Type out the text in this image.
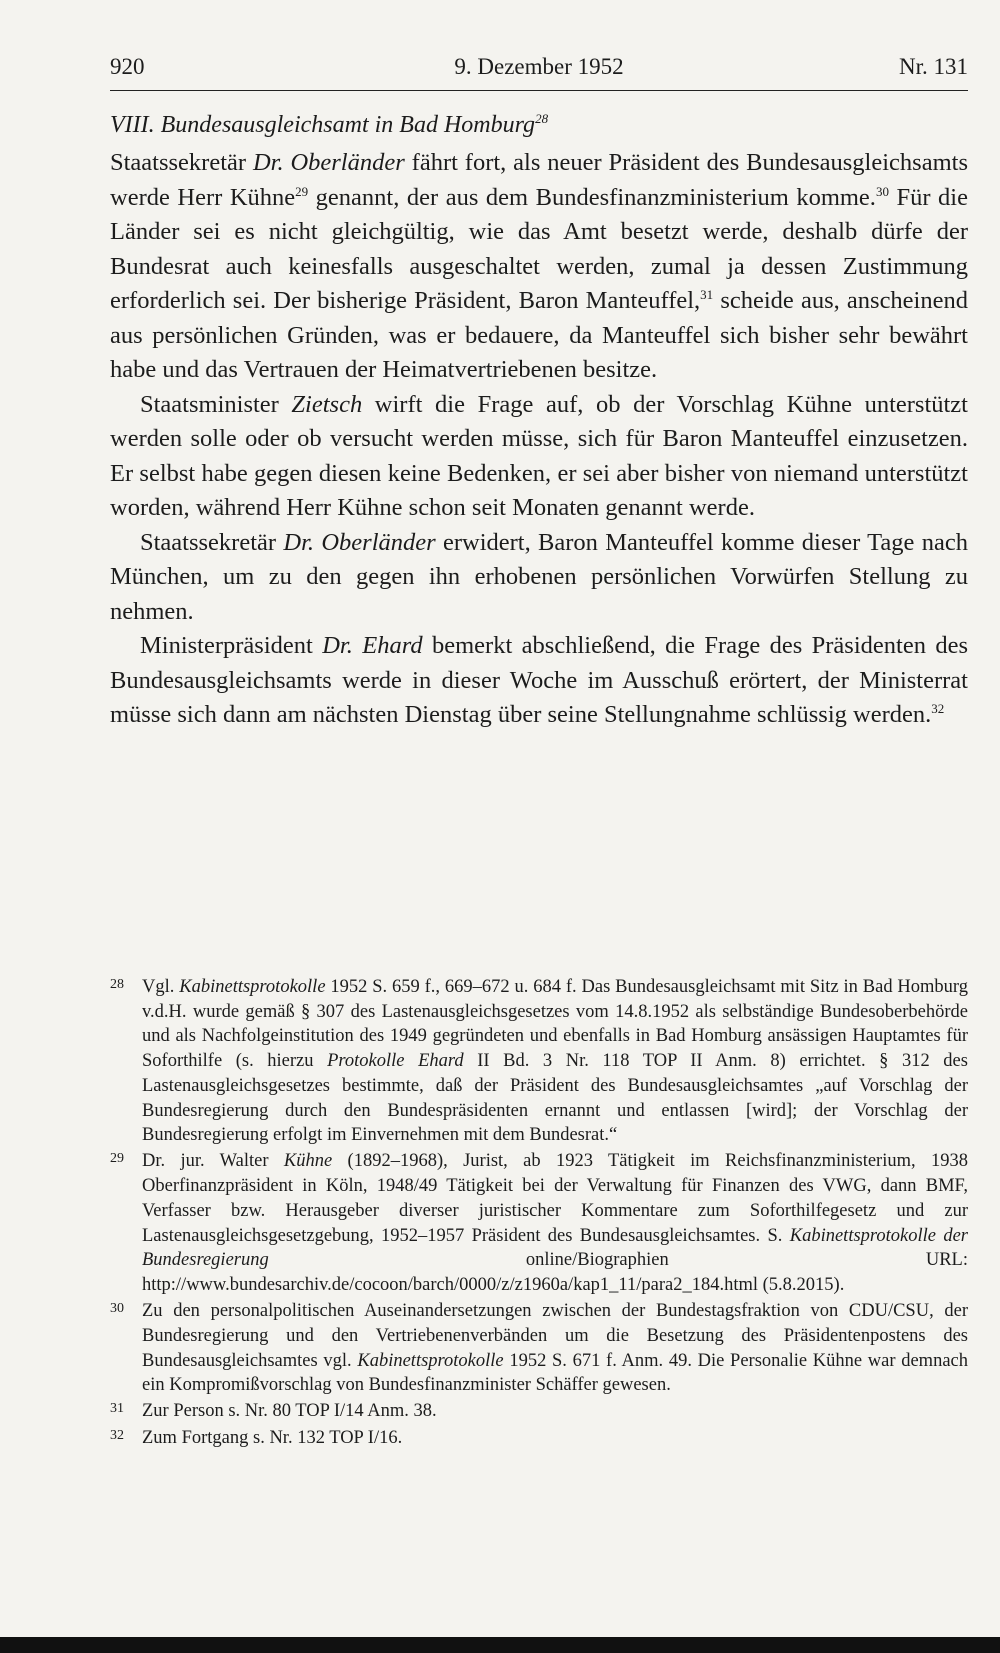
920	9. Dezember 1952	Nr. 131
VIII. Bundesausgleichsamt in Bad Homburg$^{28}$

Staatssekretär Dr. Oberländer fährt fort, als neuer Präsident des Bundesausgleichsamts werde Herr Kühne$^{29}$ genannt, der aus dem Bundesfinanzministerium komme.$^{30}$ Für die Länder sei es nicht gleichgültig, wie das Amt besetzt werde, deshalb dürfe der Bundesrat auch keinesfalls ausgeschaltet werden, zumal ja dessen Zustimmung erforderlich sei. Der bisherige Präsident, Baron Manteuffel,$^{31}$ scheide aus, anscheinend aus persönlichen Gründen, was er bedauere, da Manteuffel sich bisher sehr bewährt habe und das Vertrauen der Heimatvertriebenen besitze.

Staatsminister Zietsch wirft die Frage auf, ob der Vorschlag Kühne unterstützt werden solle oder ob versucht werden müsse, sich für Baron Manteuffel einzusetzen. Er selbst habe gegen diesen keine Bedenken, er sei aber bisher von niemand unterstützt worden, während Herr Kühne schon seit Monaten genannt werde.

Staatssekretär Dr. Oberländer erwidert, Baron Manteuffel komme dieser Tage nach München, um zu den gegen ihn erhobenen persönlichen Vorwürfen Stellung zu nehmen.

Ministerpräsident Dr. Ehard bemerkt abschließend, die Frage des Präsidenten des Bundesausgleichsamts werde in dieser Woche im Ausschuß erörtert, der Ministerrat müsse sich dann am nächsten Dienstag über seine Stellungnahme schlüssig werden.$^{32}$

28 Vgl. Kabinettsprotokolle 1952 S. 659 f., 669–672 u. 684 f. Das Bundesausgleichsamt mit Sitz in Bad Homburg v.d.H. wurde gemäß § 307 des Lastenausgleichsgesetzes vom 14.8.1952 als selbständige Bundesoberbehörde und als Nachfolgeinstitution des 1949 gegründeten und ebenfalls in Bad Homburg ansässigen Hauptamtes für Soforthilfe (s. hierzu Protokolle Ehard II Bd. 3 Nr. 118 TOP II Anm. 8) errichtet. § 312 des Lastenausgleichsgesetzes bestimmte, daß der Präsident des Bundesausgleichsamtes „auf Vorschlag der Bundesregierung durch den Bundespräsidenten ernannt und entlassen [wird]; der Vorschlag der Bundesregierung erfolgt im Einvernehmen mit dem Bundesrat.“

29 Dr. jur. Walter Kühne (1892–1968), Jurist, ab 1923 Tätigkeit im Reichsfinanzministerium, 1938 Oberfinanzpräsident in Köln, 1948/49 Tätigkeit bei der Verwaltung für Finanzen des VWG, dann BMF, Verfasser bzw. Herausgeber diverser juristischer Kommentare zum Soforthilfegesetz und zur Lastenausgleichsgesetzgebung, 1952–1957 Präsident des Bundesausgleichsamtes. S. Kabinettsprotokolle der Bundesregierung online/Biographien URL: http://www.bundesarchiv.de/cocoon/barch/0000/z/z1960a/kap1_11/para2_184.html (5.8.2015).

30 Zu den personalpolitischen Auseinandersetzungen zwischen der Bundestagsfraktion von CDU/CSU, der Bundesregierung und den Vertriebenenverbänden um die Besetzung des Präsidentenpostens des Bundesausgleichsamtes vgl. Kabinettsprotokolle 1952 S. 671 f. Anm. 49. Die Personalie Kühne war demnach ein Kompromißvorschlag von Bundesfinanzminister Schäffer gewesen.

31 Zur Person s. Nr. 80 TOP I/14 Anm. 38.

32 Zum Fortgang s. Nr. 132 TOP I/16.
